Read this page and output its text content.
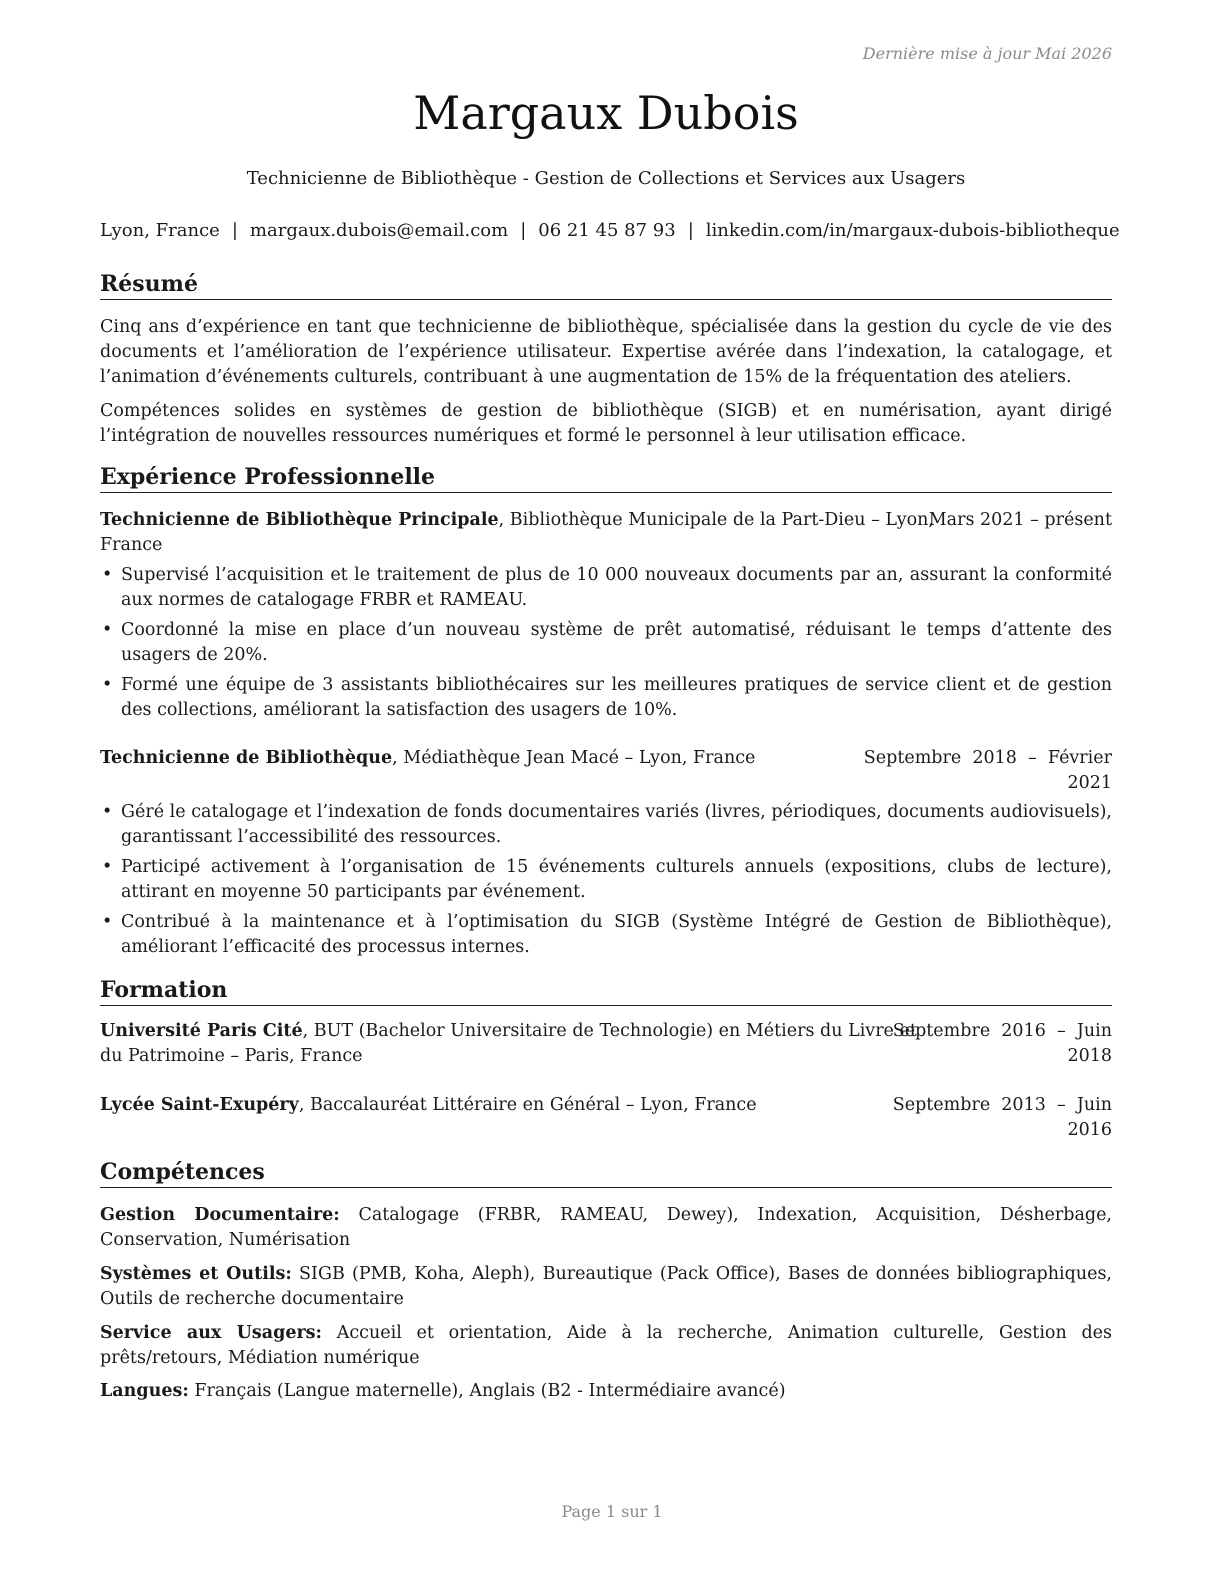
Dernière mise à jour Mai 2026
Margaux Dubois
Technicienne de Bibliothèque - Gestion de Collections et Services aux Usagers
Lyon, France | margaux.dubois@email.com | 06 21 45 87 93 | linkedin.com/in/margaux-dubois-bibliotheque
Résumé
Cinq ans d’expérience en tant que technicienne de bibliothèque, spécialisée dans la gestion du cycle de vie des documents et l’amélioration de l’expérience utilisateur. Expertise avérée dans l’indexation, la catalogage, et l’animation d’événements culturels, contribuant à une augmentation de 15% de la fréquentation des ateliers.
Compétences solides en systèmes de gestion de bibliothèque (SIGB) et en numérisation, ayant dirigé l’intégration de nouvelles ressources numériques et formé le personnel à leur utilisation efficace.
Expérience Professionnelle
Technicienne de Bibliothèque Principale, Bibliothèque Municipale de la Part-Dieu – Lyon,
France
Mars 2021 – présent
• Supervisé l’acquisition et le traitement de plus de 10 000 nouveaux documents par an, assurant la conformité aux normes de catalogage FRBR et RAMEAU.
• Coordonné la mise en place d’un nouveau système de prêt automatisé, réduisant le temps d’attente des usagers de 20%.
• Formé une équipe de 3 assistants bibliothécaires sur les meilleures pratiques de service client et de gestion des collections, améliorant la satisfaction des usagers de 10%.
Technicienne de Bibliothèque, Médiathèque Jean Macé – Lyon, France	Septembre  2018  –  Février
2021
• Géré le catalogage et l’indexation de fonds documentaires variés (livres, périodiques, documents audiovisuels), garantissant l’accessibilité des ressources.
• Participé activement à l’organisation de 15 événements culturels annuels (expositions, clubs de lecture), attirant en moyenne 50 participants par événement.
• Contribué à la maintenance et à l’optimisation du SIGB (Système Intégré de Gestion de Bibliothèque), améliorant l’efficacité des processus internes.
Formation
Université Paris Cité, BUT (Bachelor Universitaire de Technologie) en Métiers du Livre et
du Patrimoine – Paris, France
Septembre  2016  –  Juin
2018
Lycée Saint-Exupéry, Baccalauréat Littéraire en Général – Lyon, France	Septembre  2013  –  Juin
2016
Compétences
Gestion Documentaire: Catalogage (FRBR, RAMEAU, Dewey), Indexation, Acquisition, Désherbage, Conservation, Numérisation
Systèmes et Outils: SIGB (PMB, Koha, Aleph), Bureautique (Pack Office), Bases de données bibliographiques, Outils de recherche documentaire
Service aux Usagers: Accueil et orientation, Aide à la recherche, Animation culturelle, Gestion des prêts/retours, Médiation numérique
Langues: Français (Langue maternelle), Anglais (B2 - Intermédiaire avancé)
Page 1 sur 1
